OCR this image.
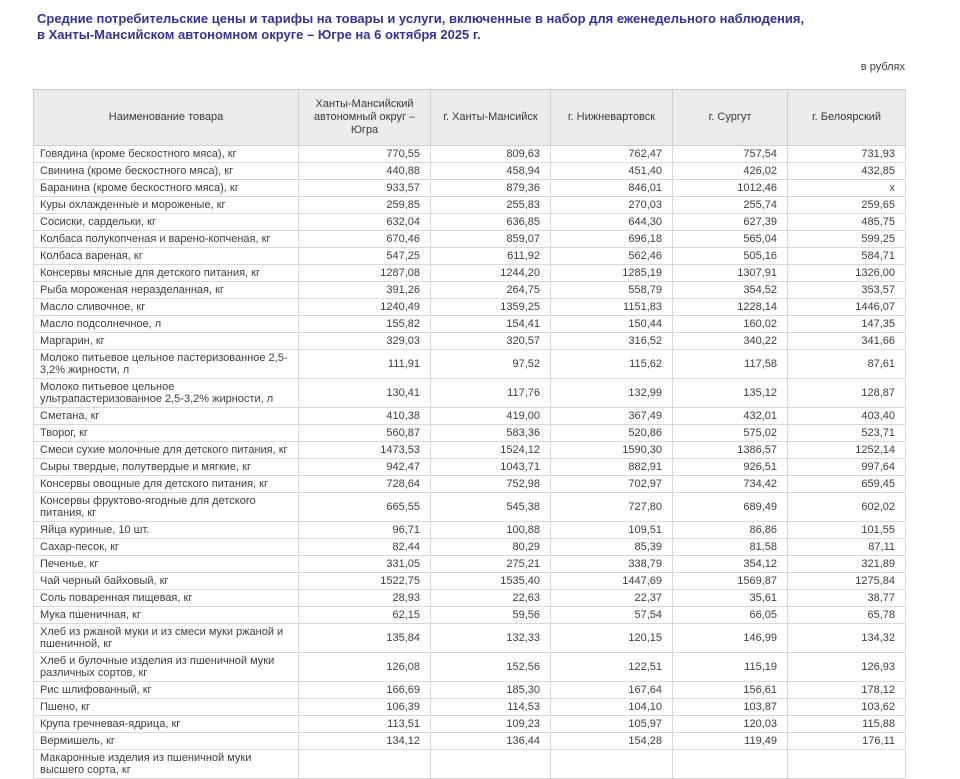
Средние потребительские цены и тарифы на товары и услуги, включенные в набор для еженедельного наблюдения,
в Ханты-Мансийском автономном округе – Югре на 6 октября 2025 г.
в рублях
Наименование товара	Ханты-Мансийский автономный округ – Югра	г. Ханты-Мансийск	г. Нижневартовск	г. Сургут	г. Белоярский
Говядина (кроме бескостного мяса), кг	770,55	809,63	762,47	757,54	731,93
Свинина (кроме бескостного мяса), кг	440,88	458,94	451,40	426,02	432,85
Баранина (кроме бескостного мяса), кг	933,57	879,36	846,01	1012,46	х
Куры охлажденные и мороженые, кг	259,85	255,83	270,03	255,74	259,65
Сосиски, сардельки, кг	632,04	636,85	644,30	627,39	485,75
Колбаса полукопченая и варено-копченая, кг	670,46	859,07	696,18	565,04	599,25
Колбаса вареная, кг	547,25	611,92	562,46	505,16	584,71
Консервы мясные для детского питания, кг	1287,08	1244,20	1285,19	1307,91	1326,00
Рыба мороженая неразделанная, кг	391,26	264,75	558,79	354,52	353,57
Масло сливочное, кг	1240,49	1359,25	1151,83	1228,14	1446,07
Масло подсолнечное, л	155,82	154,41	150,44	160,02	147,35
Маргарин, кг	329,03	320,57	316,52	340,22	341,66
Молоко питьевое цельное пастеризованное 2,5-3,2% жирности, л	111,91	97,52	115,62	117,58	87,61
Молоко питьевое цельное ультрапастеризованное 2,5-3,2% жирности, л	130,41	117,76	132,99	135,12	128,87
Сметана, кг	410,38	419,00	367,49	432,01	403,40
Творог, кг	560,87	583,36	520,86	575,02	523,71
Смеси сухие молочные для детского питания, кг	1473,53	1524,12	1590,30	1386,57	1252,14
Сыры твердые, полутвердые и мягкие, кг	942,47	1043,71	882,91	926,51	997,64
Консервы овощные для детского питания, кг	728,64	752,98	702,97	734,42	659,45
Консервы фруктово-ягодные для детского питания, кг	665,55	545,38	727,80	689,49	602,02
Яйца куриные, 10 шт.	96,71	100,88	109,51	86,86	101,55
Сахар-песок, кг	82,44	80,29	85,39	81,58	87,11
Печенье, кг	331,05	275,21	338,79	354,12	321,89
Чай черный байховый, кг	1522,75	1535,40	1447,69	1569,87	1275,84
Соль поваренная пищевая, кг	28,93	22,63	22,37	35,61	38,77
Мука пшеничная, кг	62,15	59,56	57,54	66,05	65,78
Хлеб из ржаной муки и из смеси муки ржаной и пшеничной, кг	135,84	132,33	120,15	146,99	134,32
Хлеб и булочные изделия из пшеничной муки различных сортов, кг	126,08	152,56	122,51	115,19	126,93
Рис шлифованный, кг	166,69	185,30	167,64	156,61	178,12
Пшено, кг	106,39	114,53	104,10	103,87	103,62
Крупа гречневая-ядрица, кг	113,51	109,23	105,97	120,03	115,88
Вермишель, кг	134,12	136,44	154,28	119,49	176,11
Макаронные изделия из пшеничной муки высшего сорта, кг					
